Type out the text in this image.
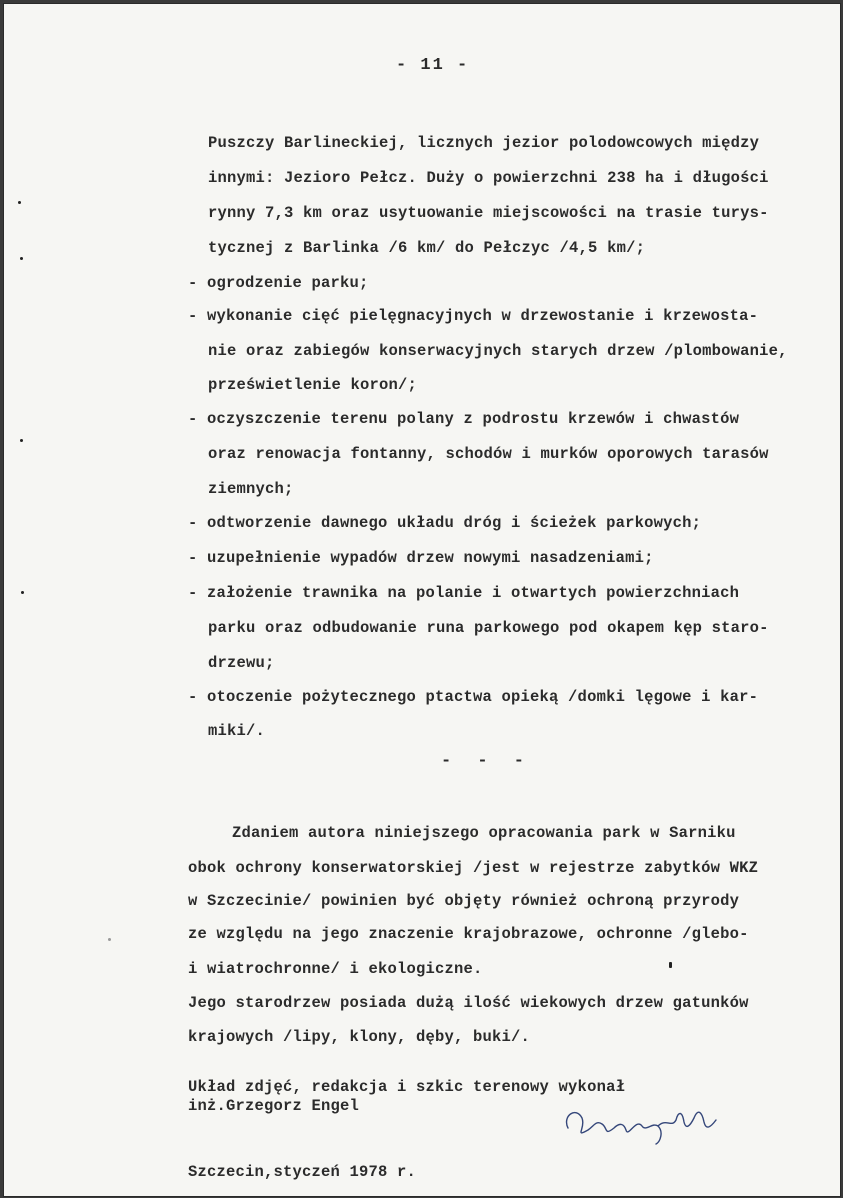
- 11 -
Puszczy Barlineckiej, licznych jezior polodowcowych między
innymi: Jezioro Pełcz. Duży o powierzchni 238 ha i długości
rynny 7,3 km oraz usytuowanie miejscowości na trasie turys-
tycznej z Barlinka /6 km/ do Pełczyc /4,5 km/;
- ogrodzenie parku;
- wykonanie cięć pielęgnacyjnych w drzewostanie i krzewosta-
nie oraz zabiegów konserwacyjnych starych drzew /plombowanie,
prześwietlenie koron/;
- oczyszczenie terenu polany z podrostu krzewów i chwastów
oraz renowacja fontanny, schodów i murków oporowych tarasów
ziemnych;
- odtworzenie dawnego układu dróg i ścieżek parkowych;
- uzupełnienie wypadów drzew nowymi nasadzeniami;
- założenie trawnika na polanie i otwartych powierzchniach
parku oraz odbudowanie runa parkowego pod okapem kęp staro-
drzewu;
- otoczenie pożytecznego ptactwa opieką /domki lęgowe i kar-
miki/.
- - -
Zdaniem autora niniejszego opracowania park w Sarniku
obok ochrony konserwatorskiej /jest w rejestrze zabytków WKZ
w Szczecinie/ powinien być objęty również ochroną przyrody
ze względu na jego znaczenie krajobrazowe, ochronne /glebo-
i wiatrochronne/ i ekologiczne.
Jego starodrzew posiada dużą ilość wiekowych drzew gatunków
krajowych /lipy, klony, dęby, buki/.
Układ zdjęć, redakcja i szkic terenowy wykonał
inż.Grzegorz Engel
Szczecin,styczeń 1978 r.
